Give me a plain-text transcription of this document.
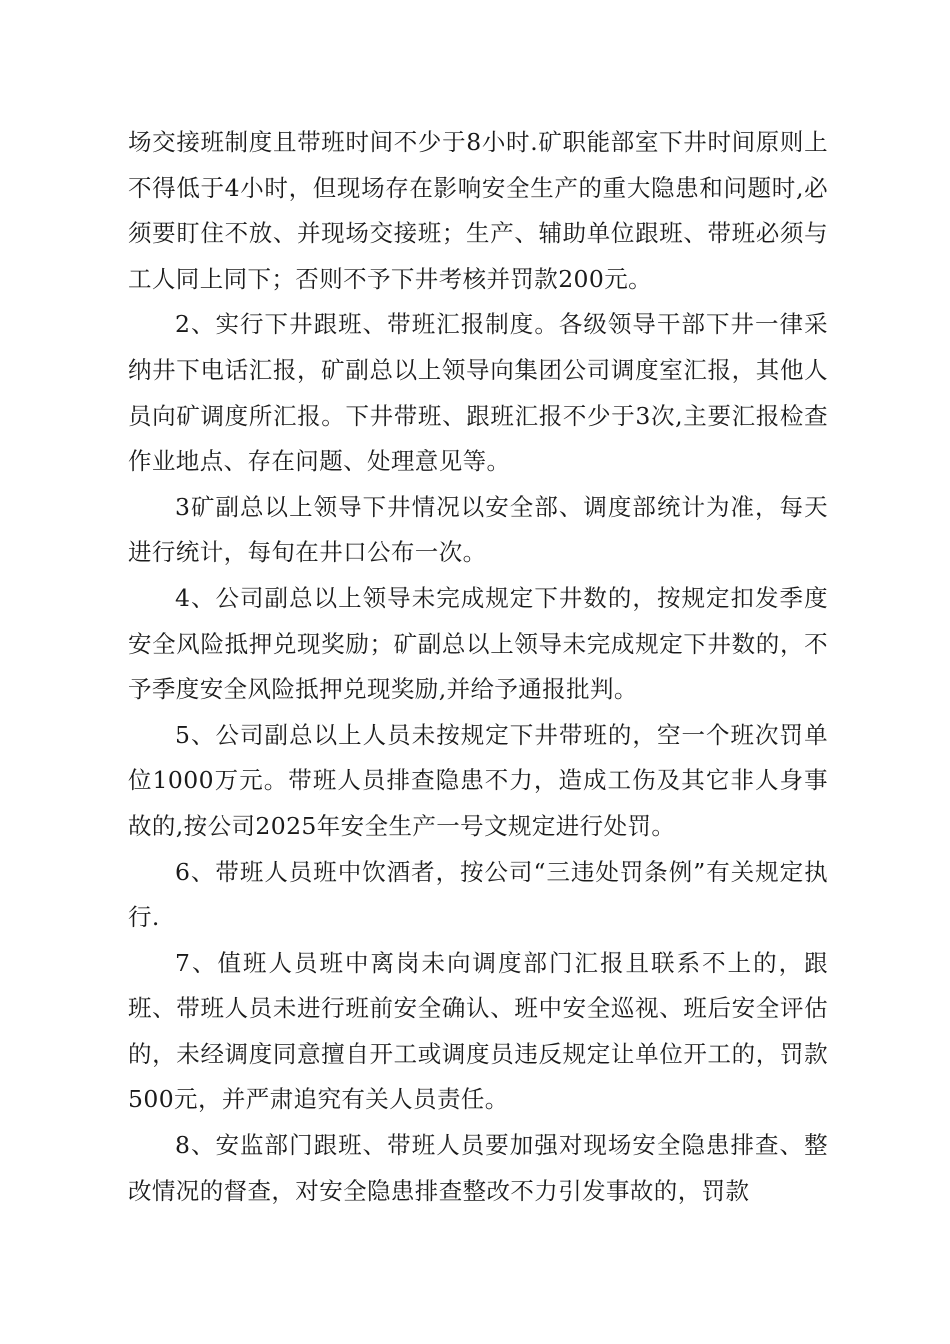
场交接班制度且带班时间不少于8小时.矿职能部室下井时间原则上不得低于4小时，但现场存在影响安全生产的重大隐患和问题时,必须要盯住不放、并现场交接班；生产、辅助单位跟班、带班必须与工人同上同下；否则不予下井考核并罚款200元。

2、实行下井跟班、带班汇报制度。各级领导干部下井一律采纳井下电话汇报，矿副总以上领导向集团公司调度室汇报，其他人员向矿调度所汇报。下井带班、跟班汇报不少于3次,主要汇报检查作业地点、存在问题、处理意见等。

3矿副总以上领导下井情况以安全部、调度部统计为准，每天进行统计，每旬在井口公布一次。

4、公司副总以上领导未完成规定下井数的，按规定扣发季度安全风险抵押兑现奖励；矿副总以上领导未完成规定下井数的，不予季度安全风险抵押兑现奖励,并给予通报批判。

5、公司副总以上人员未按规定下井带班的，空一个班次罚单位1000万元。带班人员排查隐患不力，造成工伤及其它非人身事故的,按公司2025年安全生产一号文规定进行处罚。

6、带班人员班中饮酒者，按公司“三违处罚条例”有关规定执行.

7、值班人员班中离岗未向调度部门汇报且联系不上的，跟班、带班人员未进行班前安全确认、班中安全巡视、班后安全评估的，未经调度同意擅自开工或调度员违反规定让单位开工的，罚款500元，并严肃追究有关人员责任。

8、安监部门跟班、带班人员要加强对现场安全隐患排查、整改情况的督查，对安全隐患排查整改不力引发事故的，罚款
